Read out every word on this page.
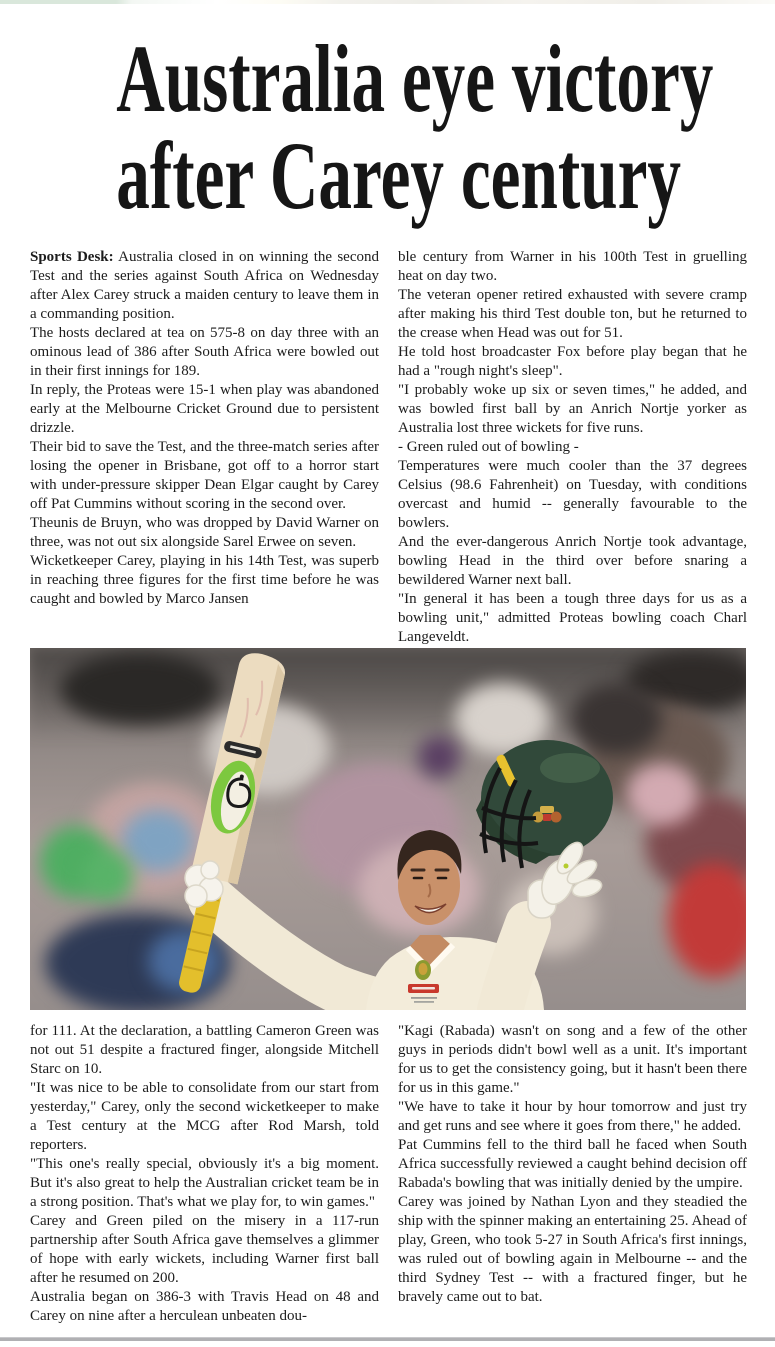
Australia eye victory
after Carey century

Sports Desk: Australia closed in on winning the second Test and the series against South Africa on Wednesday after Alex Carey struck a maiden century to leave them in a commanding position.

The hosts declared at tea on 575-8 on day three with an ominous lead of 386 after South Africa were bowled out in their first innings for 189.

In reply, the Proteas were 15-1 when play was abandoned early at the Melbourne Cricket Ground due to persistent drizzle.

Their bid to save the Test, and the three-match series after losing the opener in Brisbane, got off to a horror start with under-pressure skipper Dean Elgar caught by Carey off Pat Cummins without scoring in the second over.

Theunis de Bruyn, who was dropped by David Warner on three, was not out six alongside Sarel Erwee on seven.

Wicketkeeper Carey, playing in his 14th Test, was superb in reaching three figures for the first time before he was caught and bowled by Marco Jansen

ble century from Warner in his 100th Test in gruelling heat on day two.

The veteran opener retired exhausted with severe cramp after making his third Test double ton, but he returned to the crease when Head was out for 51.

He told host broadcaster Fox before play began that he had a "rough night's sleep".

"I probably woke up six or seven times," he added, and was bowled first ball by an Anrich Nortje yorker as Australia lost three wickets for five runs.

- Green ruled out of bowling -

Temperatures were much cooler than the 37 degrees Celsius (98.6 Fahrenheit) on Tuesday, with conditions overcast and humid -- generally favourable to the bowlers.

And the ever-dangerous Anrich Nortje took advantage, bowling Head in the third over before snaring a bewildered Warner next ball.

"In general it has been a tough three days for us as a bowling unit," admitted Proteas bowling coach Charl Langeveldt.

for 111. At the declaration, a battling Cameron Green was not out 51 despite a fractured finger, alongside Mitchell Starc on 10.

"It was nice to be able to consolidate from our start from yesterday," Carey, only the second wicketkeeper to make a Test century at the MCG after Rod Marsh, told reporters.

"This one's really special, obviously it's a big moment. But it's also great to help the Australian cricket team be in a strong position. That's what we play for, to win games."

Carey and Green piled on the misery in a 117-run partnership after South Africa gave themselves a glimmer of hope with early wickets, including Warner first ball after he resumed on 200.

Australia began on 386-3 with Travis Head on 48 and Carey on nine after a herculean unbeaten dou-

"Kagi (Rabada) wasn't on song and a few of the other guys in periods didn't bowl well as a unit. It's important for us to get the consistency going, but it hasn't been there for us in this game."

"We have to take it hour by hour tomorrow and just try and get runs and see where it goes from there," he added.

Pat Cummins fell to the third ball he faced when South Africa successfully reviewed a caught behind decision off Rabada's bowling that was initially denied by the umpire.

Carey was joined by Nathan Lyon and they steadied the ship with the spinner making an entertaining 25. Ahead of play, Green, who took 5-27 in South Africa's first innings, was ruled out of bowling again in Melbourne -- and the third Sydney Test -- with a fractured finger, but he bravely came out to bat.
